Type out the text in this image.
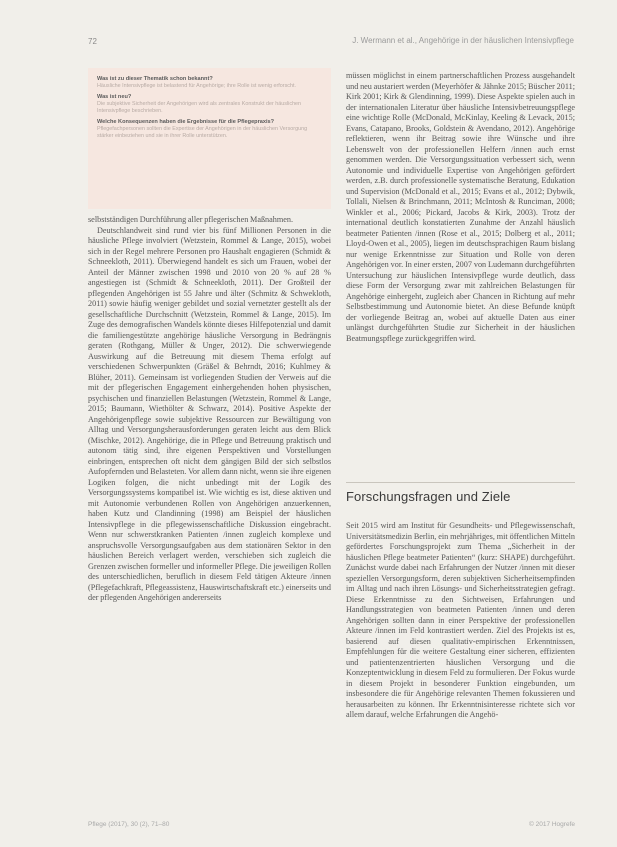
72	J. Wermann et al., Angehörige in der häuslichen Intensivpflege
Was ist zu dieser Thematik schon bekannt?
Häusliche Intensivpflege ist belastend für Angehörige; ihre Rolle ist wenig erforscht.
Was ist neu?
Die subjektive Sicherheit der Angehörigen wird als zentrales Konstrukt der häuslichen Intensivpflege beschrieben.
Welche Konsequenzen haben die Ergebnisse für die Pflegepraxis?
Pflegefachpersonen sollten die Expertise der Angehörigen in der häuslichen Versorgung stärker einbeziehen und sie in ihrer Rolle unterstützen.

selbstständigen Durchführung aller pflegerischen Maßnahmen.

Deutschlandweit sind rund vier bis fünf Millionen Personen in die häusliche Pflege involviert (Wetzstein, Rommel & Lange, 2015), wobei sich in der Regel mehrere Personen pro Haushalt engagieren (Schmidt & Schneekloth, 2011). Überwiegend handelt es sich um Frauen, wobei der Anteil der Männer zwischen 1998 und 2010 von 20 % auf 28 % angestiegen ist (Schmidt & Schneekloth, 2011). Der Großteil der pflegenden Angehörigen ist 55 Jahre und älter (Schmitz & Schwekloth, 2011) sowie häufig weniger gebildet und sozial vernetzter gestellt als der gesellschaftliche Durchschnitt (Wetzstein, Rommel & Lange, 2015). Im Zuge des demografischen Wandels könnte dieses Hilfepotenzial und damit die familiengestützte angehörige häusliche Versorgung in Bedrängnis geraten (Rothgang, Müller & Unger, 2012). Die schwerwiegende Auswirkung auf die Betreuung mit diesem Thema erfolgt auf verschiedenen Schwerpunkten (Gräßel & Behrndt, 2016; Kuhlmey & Blüher, 2011). Gemeinsam ist vorliegenden Studien der Verweis auf die mit der pflegerischen Engagement einhergehenden hohen physischen, psychischen und finanziellen Belastungen (Wetzstein, Rommel & Lange, 2015; Baumann, Wiethölter & Schwarz, 2014). Positive Aspekte der Angehörigenpflege sowie subjektive Ressourcen zur Bewältigung von Alltag und Versorgungsherausforderungen geraten leicht aus dem Blick (Mischke, 2012). Angehörige, die in Pflege und Betreuung praktisch und autonom tätig sind, ihre eigenen Perspektiven und Vorstellungen einbringen, entsprechen oft nicht dem gängigen Bild der sich selbstlos Aufopfernden und Belasteten. Vor allem dann nicht, wenn sie ihre eigenen Logiken folgen, die nicht unbedingt mit der Logik des Versorgungssystems kompatibel ist. Wie wichtig es ist, diese aktiven und mit Autonomie verbundenen Rollen von Angehörigen anzuerkennen, haben Kutz und Clandinning (1998) am Beispiel der häuslichen Intensivpflege in die pflegewissenschaftliche Diskussion eingebracht. Wenn nur schwerstkranken Patienten /innen zugleich komplexe und anspruchsvolle Versorgungsaufgaben aus dem stationären Sektor in den häuslichen Bereich verlagert werden, verschieben sich zugleich die Grenzen zwischen formeller und informeller Pflege. Die jeweiligen Rollen des unterschiedlichen, beruflich in diesem Feld tätigen Akteure /innen (Pflegefachkraft, Pflegeassistenz, Hauswirtschaftskraft etc.) einerseits und der pflegenden Angehörigen andererseits

müssen möglichst in einem partnerschaftlichen Prozess ausgehandelt und neu austariert werden (Meyerhöfer & Jähnke 2015; Büscher 2011; Kirk 2001; Kirk & Glendinning, 1999). Diese Aspekte spielen auch in der internationalen Literatur über häusliche Intensivbetreuungspflege eine wichtige Rolle (McDonald, McKinlay, Keeling & Levack, 2015; Evans, Catapano, Brooks, Goldstein & Avendano, 2012). Angehörige reflektieren, wenn ihr Beitrag sowie ihre Wünsche und ihre Lebenswelt von der professionellen Helfern /innen auch ernst genommen werden. Die Versorgungssituation verbessert sich, wenn Autonomie und individuelle Expertise von Angehörigen gefördert werden, z.B. durch professionelle systematische Beratung, Edukation und Supervision (McDonald et al., 2015; Evans et al., 2012; Dybwik, Tollali, Nielsen & Brinchmann, 2011; McIntosh & Runciman, 2008; Winkler et al., 2006; Pickard, Jacobs & Kirk, 2003). Trotz der international deutlich konstatierten Zunahme der Anzahl häuslich beatmeter Patienten /innen (Rose et al., 2015; Dolberg et al., 2011; Lloyd-Owen et al., 2005), liegen im deutschsprachigen Raum bislang nur wenige Erkenntnisse zur Situation und Rolle von deren Angehörigen vor. In einer ersten, 2007 von Ludemann durchgeführten Untersuchung zur häuslichen Intensivpflege wurde deutlich, dass diese Form der Versorgung zwar mit zahlreichen Belastungen für Angehörige einhergeht, zugleich aber Chancen in Richtung auf mehr Selbstbestimmung und Autonomie bietet. An diese Befunde knüpft der vorliegende Beitrag an, wobei auf aktuelle Daten aus einer unlängst durchgeführten Studie zur Sicherheit in der häuslichen Beatmungspflege zurückgegriffen wird.

Forschungsfragen und Ziele

Seit 2015 wird am Institut für Gesundheits- und Pflegewissenschaft, Universitätsmedizin Berlin, ein mehrjähriges, mit öffentlichen Mitteln gefördertes Forschungsprojekt zum Thema „Sicherheit in der häuslichen Pflege beatmeter Patienten“ (kurz: SHAPE) durchgeführt. Zunächst wurde dabei nach Erfahrungen der Nutzer /innen mit dieser speziellen Versorgungsform, deren subjektiven Sicherheitsempfinden im Alltag und nach ihren Lösungs- und Sicherheitsstrategien gefragt. Diese Erkenntnisse zu den Sichtweisen, Erfahrungen und Handlungsstrategien von beatmeten Patienten /innen und deren Angehörigen sollten dann in einer Perspektive der professionellen Akteure /innen im Feld kontrastiert werden. Ziel des Projekts ist es, basierend auf diesen qualitativ-empirischen Erkenntnissen, Empfehlungen für die weitere Gestaltung einer sicheren, effizienten und patientenzentrierten häuslichen Versorgung und die Konzeptentwicklung in diesem Feld zu formulieren. Der Fokus wurde in diesem Projekt in besonderer Funktion eingebunden, um insbesondere die für Angehörige relevanten Themen fokussieren und herausarbeiten zu können. Ihr Erkenntnisinteresse richtete sich vor allem darauf, welche Erfahrungen die Angehö-

Pflege (2017), 30 (2), 71–80	© 2017 Hogrefe
